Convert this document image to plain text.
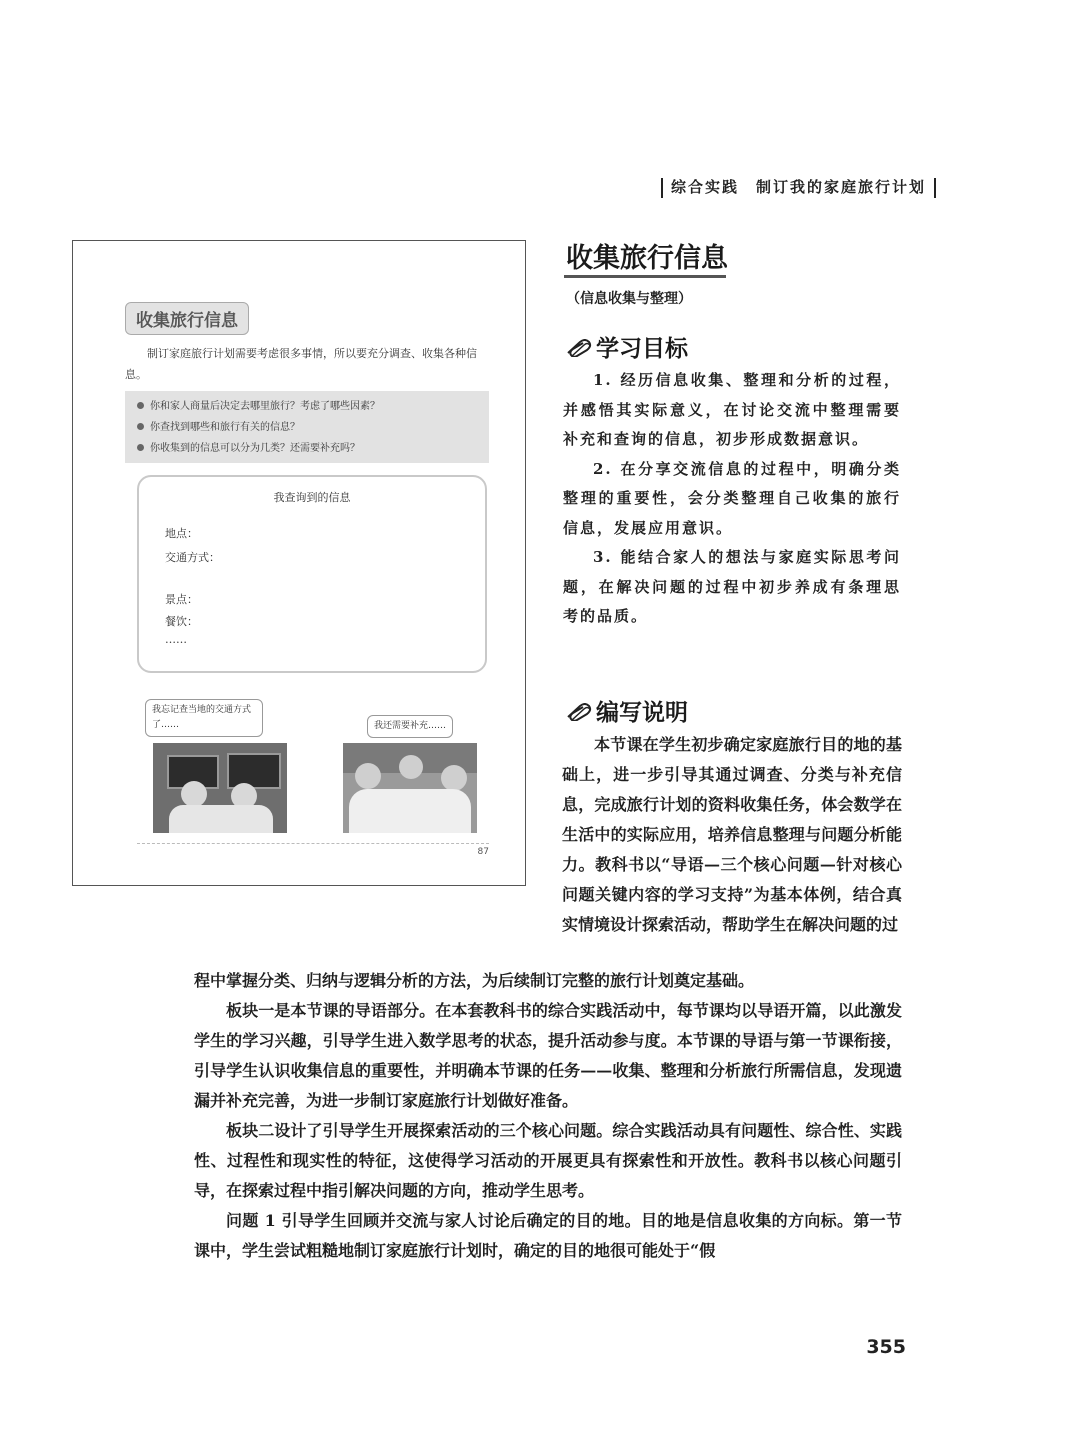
综合实践　制订我的家庭旅行计划
收集旅行信息
制订家庭旅行计划需要考虑很多事情，所以要充分调查、收集各种信息。
你和家人商量后决定去哪里旅行？考虑了哪些因素？
你查找到哪些和旅行有关的信息？
你收集到的信息可以分为几类？还需要补充吗？
我查询到的信息
地点：
交通方式：
景点：
餐饮：
……
我忘记查当地的交通方式了……	我还需要补充……
87
收集旅行信息
（信息收集与整理）
学习目标

1. 经历信息收集、整理和分析的过程，并感悟其实际意义，在讨论交流中整理需要补充和查询的信息，初步形成数据意识。

2. 在分享交流信息的过程中，明确分类整理的重要性，会分类整理自己收集的旅行信息，发展应用意识。

3. 能结合家人的想法与家庭实际思考问题，在解决问题的过程中初步养成有条理思考的品质。

编写说明
本节课在学生初步确定家庭旅行目的地的基础上，进一步引导其通过调查、分类与补充信息，完成旅行计划的资料收集任务，体会数学在生活中的实际应用，培养信息整理与问题分析能力。教科书以“导语—三个核心问题—针对核心问题关键内容的学习支持”为基本体例，结合真实情境设计探索活动，帮助学生在解决问题的过

程中掌握分类、归纳与逻辑分析的方法，为后续制订完整的旅行计划奠定基础。

板块一是本节课的导语部分。在本套教科书的综合实践活动中，每节课均以导语开篇，以此激发学生的学习兴趣，引导学生进入数学思考的状态，提升活动参与度。本节课的导语与第一节课衔接，引导学生认识收集信息的重要性，并明确本节课的任务——收集、整理和分析旅行所需信息，发现遗漏并补充完善，为进一步制订家庭旅行计划做好准备。

板块二设计了引导学生开展探索活动的三个核心问题。综合实践活动具有问题性、综合性、实践性、过程性和现实性的特征，这使得学习活动的开展更具有探索性和开放性。教科书以核心问题引导，在探索过程中指引解决问题的方向，推动学生思考。

问题 1 引导学生回顾并交流与家人讨论后确定的目的地。目的地是信息收集的方向标。第一节课中，学生尝试粗糙地制订家庭旅行计划时，确定的目的地很可能处于“假

355
